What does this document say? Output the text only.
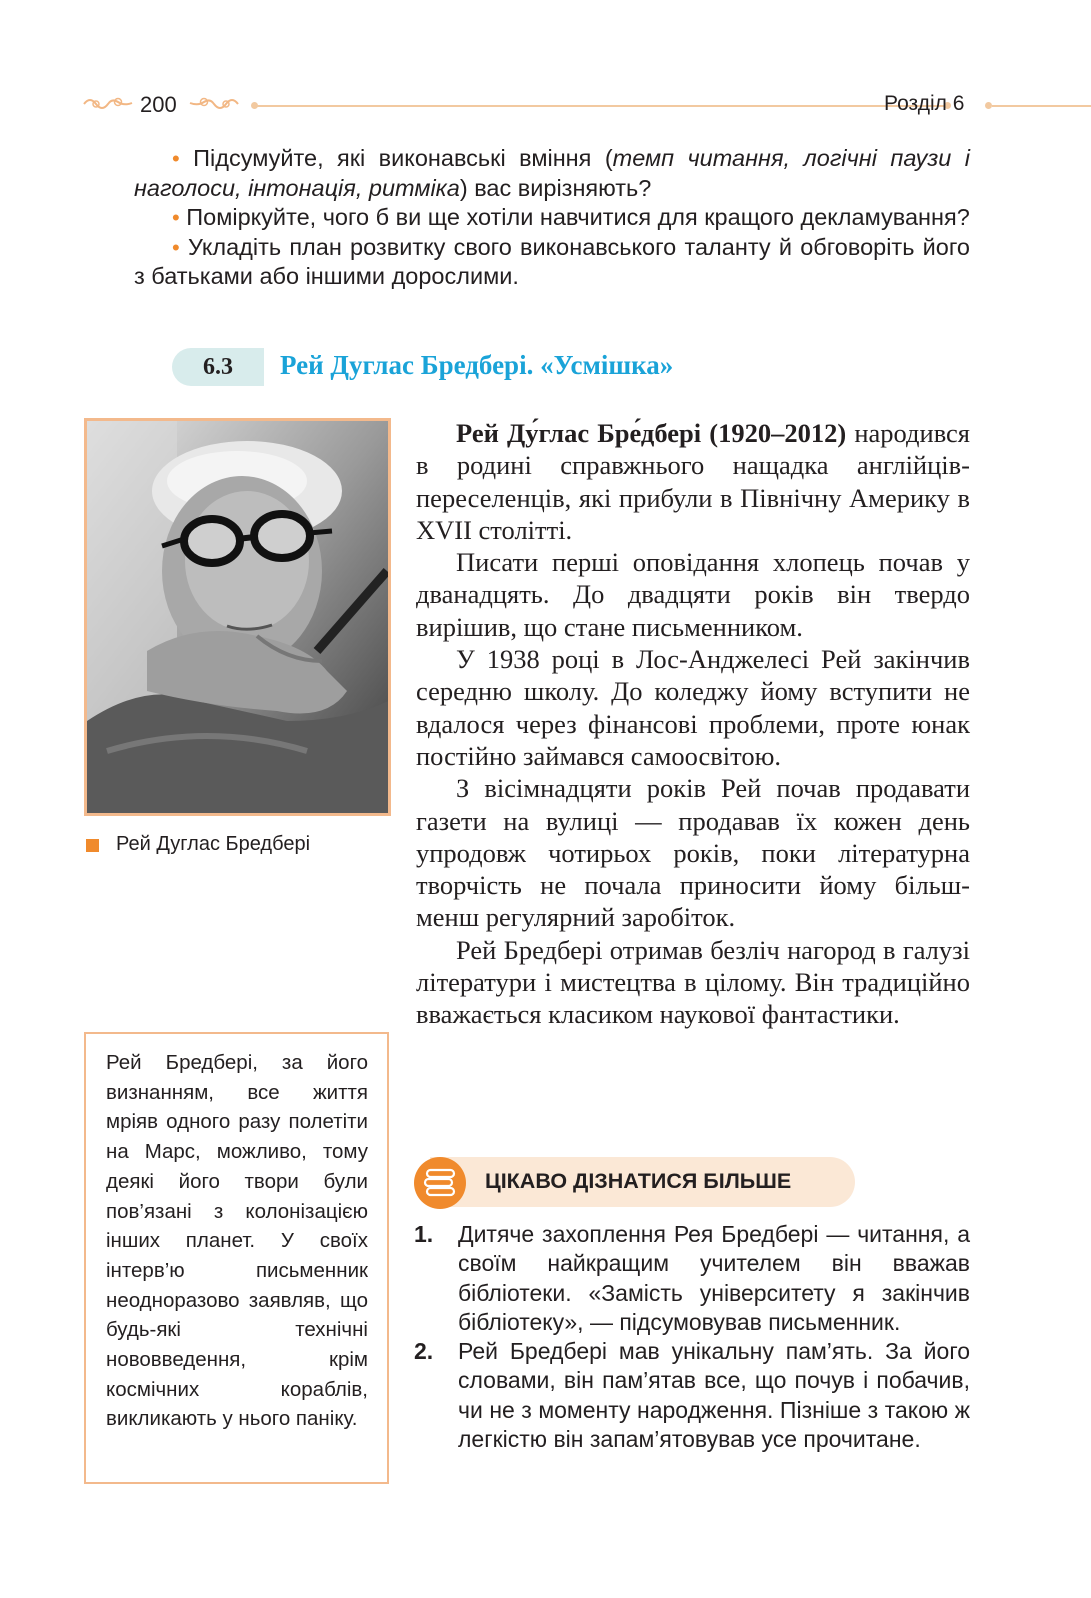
200	Розділ 6

• Підсумуйте, які виконавські вміння (темп читання, логічні паузи і наголоси, інтонація, ритміка) вас вирізняють?

• Поміркуйте, чого б ви ще хотіли навчитися для кращого декламування?

• Укладіть план розвитку свого виконавського таланту й обговоріть його з батьками або іншими дорослими.

6.3	Рей Дуглас Бредбері. «Усмішка»
Рей Дуглас Бредбері

Рей Ду́глас Бре́дбері (1920–2012) народився в родині справжнього нащадка англійців-переселенців, які прибули в Північну Америку в XVII столітті.

Писати перші оповідання хлопець почав у дванадцять. До двадцяти років він твердо вирішив, що стане письменником.

У 1938 році в Лос-Анджелесі Рей закінчив середню школу. До коледжу йому вступити не вдалося через фінансові проблеми, проте юнак постійно займався самоосвітою.

З вісімнадцяти років Рей почав продавати газети на вулиці — продавав їх кожен день упродовж чотирьох років, поки літературна творчість не почала приносити йому більш-менш регулярний заробіток.

Рей Бредбері отримав безліч нагород в галузі літератури і мистецтва в цілому. Він традиційно вважається класиком наукової фантастики.

Рей Бредбері, за його визнанням, все життя мріяв одного разу полетіти на Марс, можливо, тому деякі його твори були пов’язані з колонізацією інших планет. У своїх інтерв’ю письменник неодноразово заявляв, що будь-які технічні нововведення, крім космічних кораблів, викликають у нього паніку.

ЦІКАВО ДІЗНАТИСЯ БІЛЬШЕ
1. Дитяче захоплення Рея Бредбері — читання, а своїм найкращим учителем він вважав бібліотеки. «Замість університету я закінчив бібліотеку», — підсумовував письменник.
2. Рей Бредбері мав унікальну пам’ять. За його словами, він пам’ятав все, що почув і побачив, чи не з моменту народження. Пізніше з такою ж легкістю він запам’ятовував усе прочитане.
